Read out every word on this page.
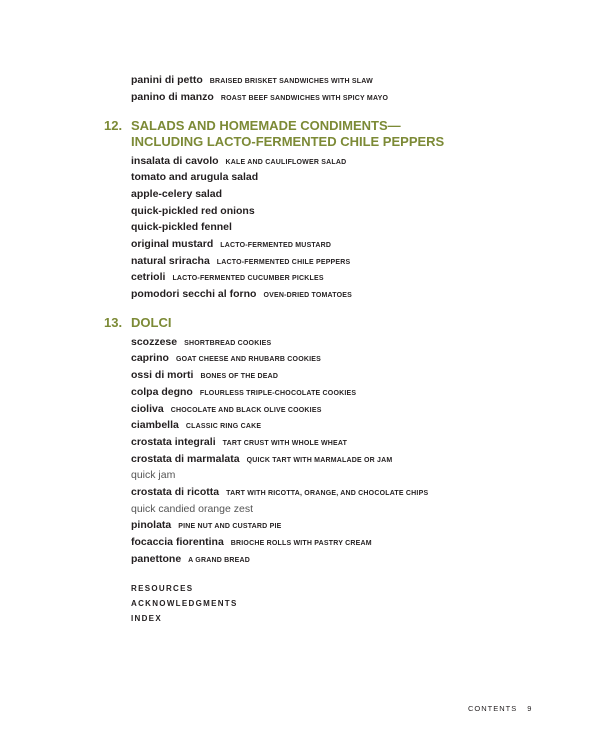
panini di petto BRAISED BRISKET SANDWICHES WITH SLAW
panino di manzo ROAST BEEF SANDWICHES WITH SPICY MAYO
12. SALADS AND HOMEMADE CONDIMENTS—
INCLUDING LACTO-FERMENTED CHILE PEPPERS
insalata di cavolo KALE AND CAULIFLOWER SALAD
tomato and arugula salad
apple-celery salad
quick-pickled red onions
quick-pickled fennel
original mustard LACTO-FERMENTED MUSTARD
natural sriracha LACTO-FERMENTED CHILE PEPPERS
cetrioli LACTO-FERMENTED CUCUMBER PICKLES
pomodori secchi al forno OVEN-DRIED TOMATOES
13. DOLCI
scozzese SHORTBREAD COOKIES
caprino GOAT CHEESE AND RHUBARB COOKIES
ossi di morti BONES OF THE DEAD
colpa degno FLOURLESS TRIPLE-CHOCOLATE COOKIES
cioliva CHOCOLATE AND BLACK OLIVE COOKIES
ciambella CLASSIC RING CAKE
crostata integrali TART CRUST WITH WHOLE WHEAT
crostata di marmalata QUICK TART WITH MARMALADE OR JAM
quick jam
crostata di ricotta TART WITH RICOTTA, ORANGE, AND CHOCOLATE CHIPS
quick candied orange zest
pinolata PINE NUT AND CUSTARD PIE
focaccia fiorentina BRIOCHE ROLLS WITH PASTRY CREAM
panettone A GRAND BREAD
RESOURCES
ACKNOWLEDGMENTS
INDEX
CONTENTS 9
